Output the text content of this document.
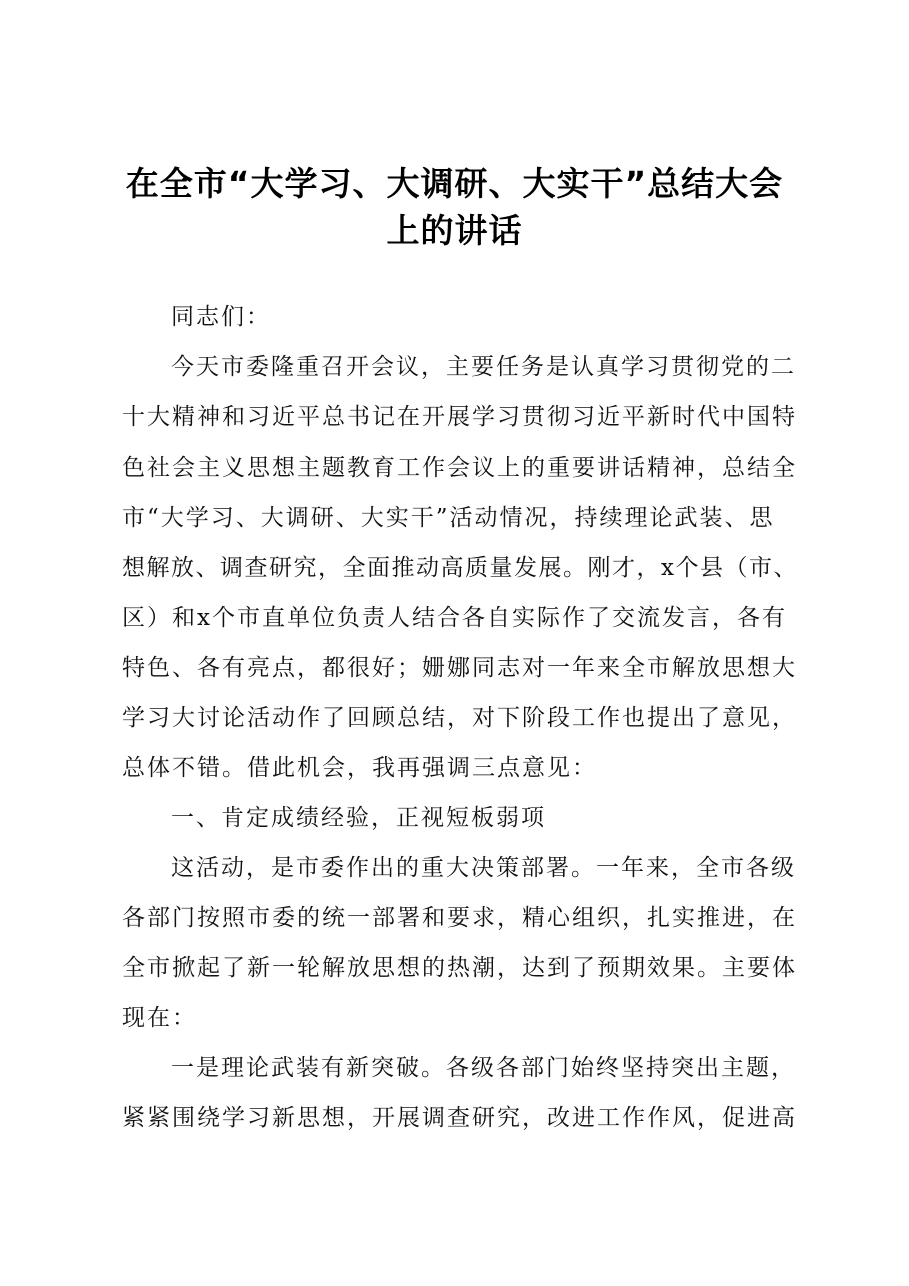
在全市“大学习、大调研、大实干”总结大会
上的讲话
同志们：
今天市委隆重召开会议，主要任务是认真学习贯彻党的二
十大精神和习近平总书记在开展学习贯彻习近平新时代中国特
色社会主义思想主题教育工作会议上的重要讲话精神，总结全
市“大学习、大调研、大实干”活动情况，持续理论武装、思
想解放、调查研究，全面推动高质量发展。刚才，x个县（市、
区）和x个市直单位负责人结合各自实际作了交流发言，各有
特色、各有亮点，都很好；姗娜同志对一年来全市解放思想大
学习大讨论活动作了回顾总结，对下阶段工作也提出了意见，
总体不错。借此机会，我再强调三点意见：
一、肯定成绩经验，正视短板弱项
这活动，是市委作出的重大决策部署。一年来，全市各级
各部门按照市委的统一部署和要求，精心组织，扎实推进，在
全市掀起了新一轮解放思想的热潮，达到了预期效果。主要体
现在：
一是理论武装有新突破。各级各部门始终坚持突出主题，
紧紧围绕学习新思想，开展调查研究，改进工作作风，促进高
